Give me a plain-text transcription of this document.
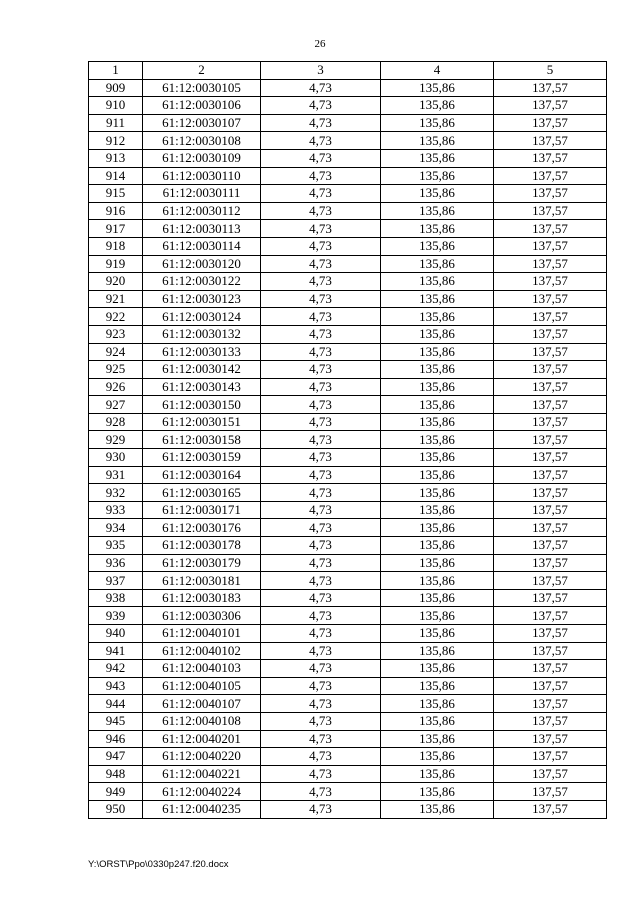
26
1	2	3	4	5
909	61:12:0030105	4,73	135,86	137,57
910	61:12:0030106	4,73	135,86	137,57
911	61:12:0030107	4,73	135,86	137,57
912	61:12:0030108	4,73	135,86	137,57
913	61:12:0030109	4,73	135,86	137,57
914	61:12:0030110	4,73	135,86	137,57
915	61:12:0030111	4,73	135,86	137,57
916	61:12:0030112	4,73	135,86	137,57
917	61:12:0030113	4,73	135,86	137,57
918	61:12:0030114	4,73	135,86	137,57
919	61:12:0030120	4,73	135,86	137,57
920	61:12:0030122	4,73	135,86	137,57
921	61:12:0030123	4,73	135,86	137,57
922	61:12:0030124	4,73	135,86	137,57
923	61:12:0030132	4,73	135,86	137,57
924	61:12:0030133	4,73	135,86	137,57
925	61:12:0030142	4,73	135,86	137,57
926	61:12:0030143	4,73	135,86	137,57
927	61:12:0030150	4,73	135,86	137,57
928	61:12:0030151	4,73	135,86	137,57
929	61:12:0030158	4,73	135,86	137,57
930	61:12:0030159	4,73	135,86	137,57
931	61:12:0030164	4,73	135,86	137,57
932	61:12:0030165	4,73	135,86	137,57
933	61:12:0030171	4,73	135,86	137,57
934	61:12:0030176	4,73	135,86	137,57
935	61:12:0030178	4,73	135,86	137,57
936	61:12:0030179	4,73	135,86	137,57
937	61:12:0030181	4,73	135,86	137,57
938	61:12:0030183	4,73	135,86	137,57
939	61:12:0030306	4,73	135,86	137,57
940	61:12:0040101	4,73	135,86	137,57
941	61:12:0040102	4,73	135,86	137,57
942	61:12:0040103	4,73	135,86	137,57
943	61:12:0040105	4,73	135,86	137,57
944	61:12:0040107	4,73	135,86	137,57
945	61:12:0040108	4,73	135,86	137,57
946	61:12:0040201	4,73	135,86	137,57
947	61:12:0040220	4,73	135,86	137,57
948	61:12:0040221	4,73	135,86	137,57
949	61:12:0040224	4,73	135,86	137,57
950	61:12:0040235	4,73	135,86	137,57
Y:\ORST\Ppo\0330p247.f20.docx
